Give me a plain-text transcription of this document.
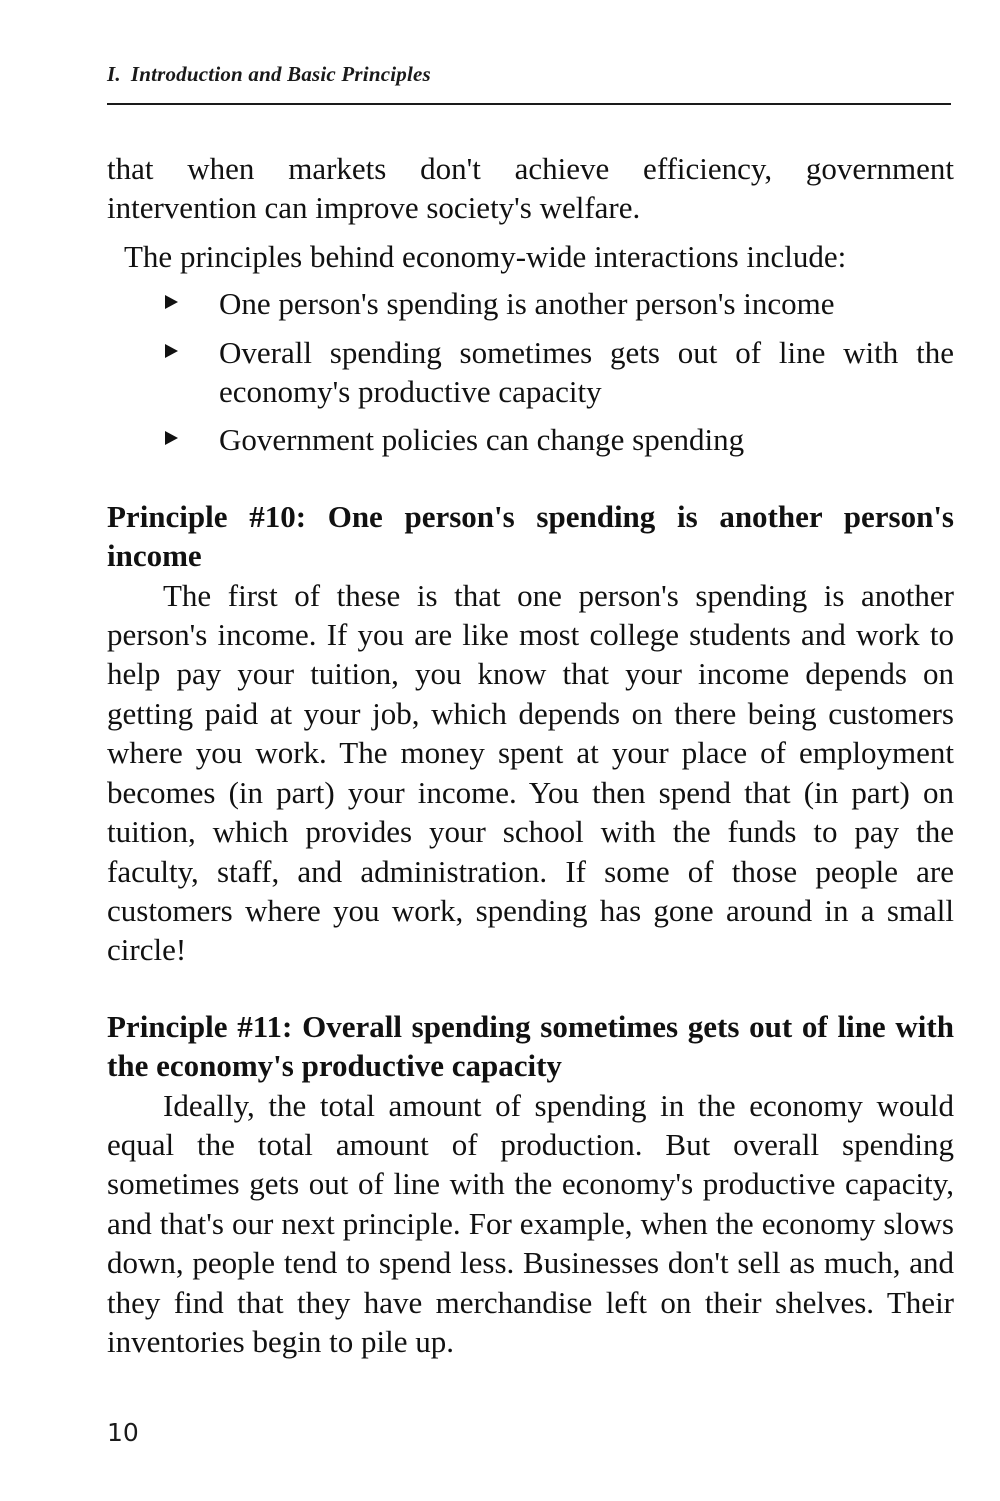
I. Introduction and Basic Principles

that when markets don't achieve efficiency, government intervention can improve society's welfare.

The principles behind economy-wide interactions include:

One person's spending is another person's income
Overall spending sometimes gets out of line with the economy's productive capacity
Government policies can change spending
Principle #10: One person's spending is another person's income

The first of these is that one person's spending is another person's income. If you are like most college students and work to help pay your tuition, you know that your income depends on getting paid at your job, which depends on there being customers where you work. The money spent at your place of employment becomes (in part) your income. You then spend that (in part) on tuition, which provides your school with the funds to pay the faculty, staff, and administration. If some of those people are customers where you work, spending has gone around in a small circle!

Principle #11: Overall spending sometimes gets out of line with the economy's productive capacity

Ideally, the total amount of spending in the economy would equal the total amount of production. But overall spending sometimes gets out of line with the economy's productive capacity, and that's our next principle. For example, when the economy slows down, people tend to spend less. Businesses don't sell as much, and they find that they have merchandise left on their shelves. Their inventories begin to pile up.

10
